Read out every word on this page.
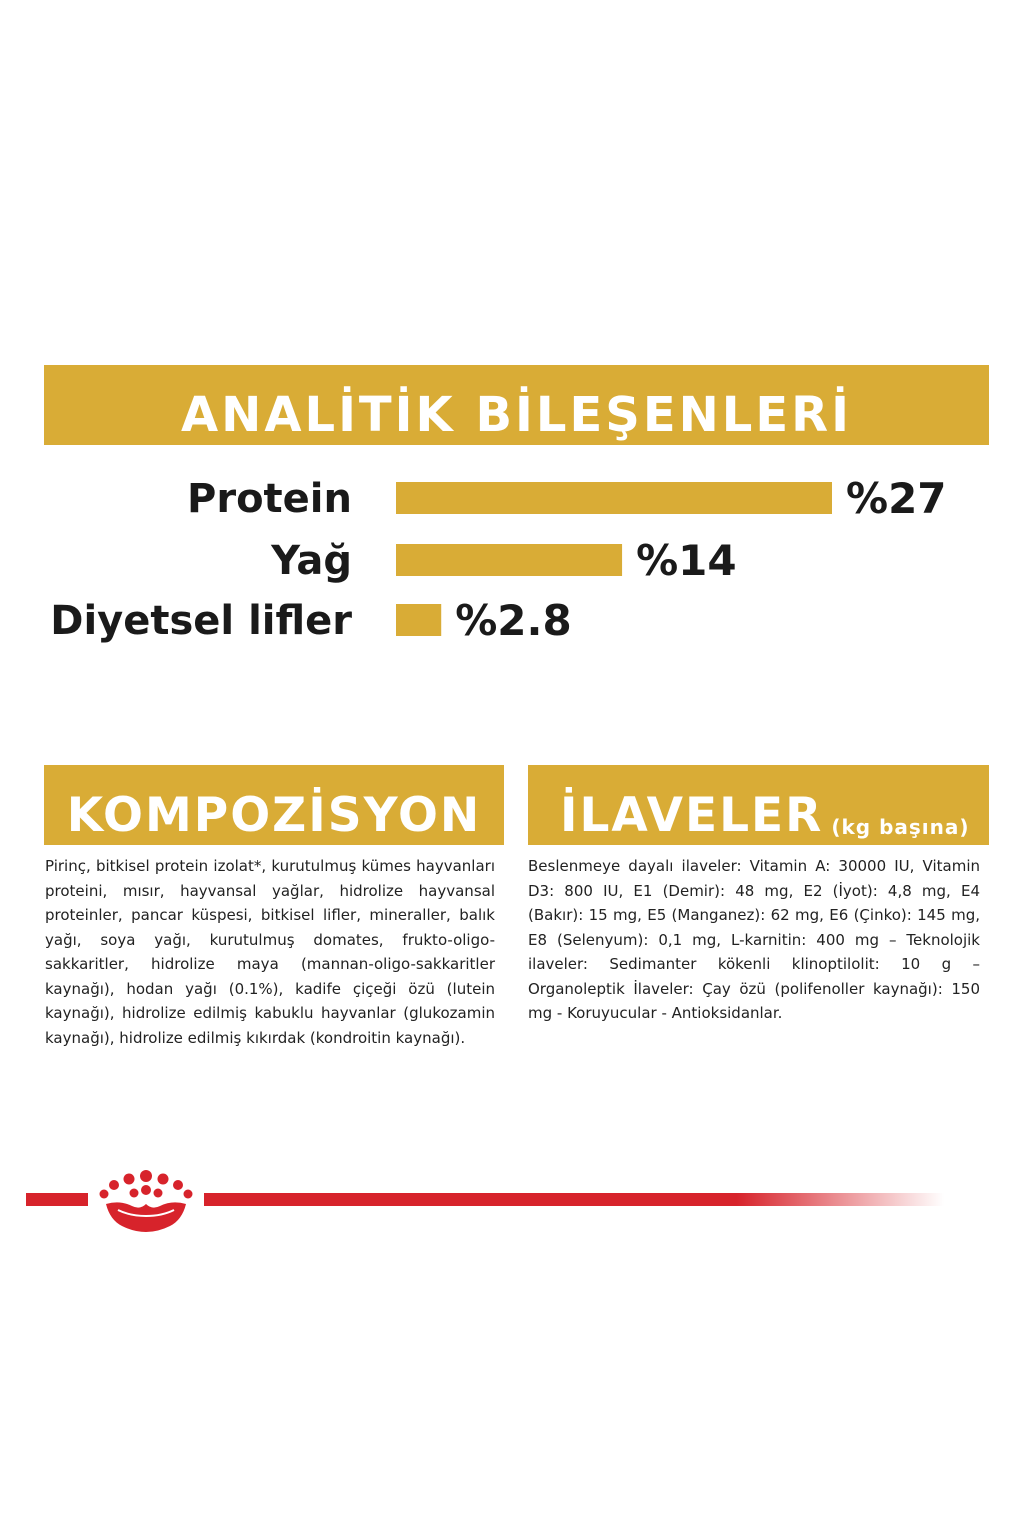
ANALİTİK BİLEŞENLERİ
Protein	%27
Yağ	%14
Diyetsel lifler %2.8
KOMPOZİSYON

Pirinç, bitkisel protein izolat*, kurutulmuş kümes hayvanları proteini, mısır, hayvansal yağlar, hidrolize hayvansal proteinler, pancar küspesi, bitkisel lifler, mineraller, balık yağı, soya yağı, kurutulmuş domates, frukto-oligo-sakkaritler, hidrolize maya (mannan-oligo-sakkaritler kaynağı), hodan yağı (0.1%), kadife çiçeği özü (lutein kaynağı), hidrolize edilmiş kabuklu hayvanlar (glukozamin kaynağı), hidrolize edilmiş kıkırdak (kondroitin kaynağı).

İLAVELER (kg başına)

Beslenmeye dayalı ilaveler: Vitamin A: 30000 IU, Vitamin D3: 800 IU, E1 (Demir): 48 mg, E2 (İyot): 4,8 mg, E4 (Bakır): 15 mg, E5 (Manganez): 62 mg, E6 (Çinko): 145 mg, E8 (Selenyum): 0,1 mg, L-karnitin: 400 mg – Teknolojik ilaveler: Sedimanter kökenli klinoptilolit: 10 g – Organoleptik İlaveler: Çay özü (polifenoller kaynağı): 150 mg - Koruyucular - Antioksidanlar.
